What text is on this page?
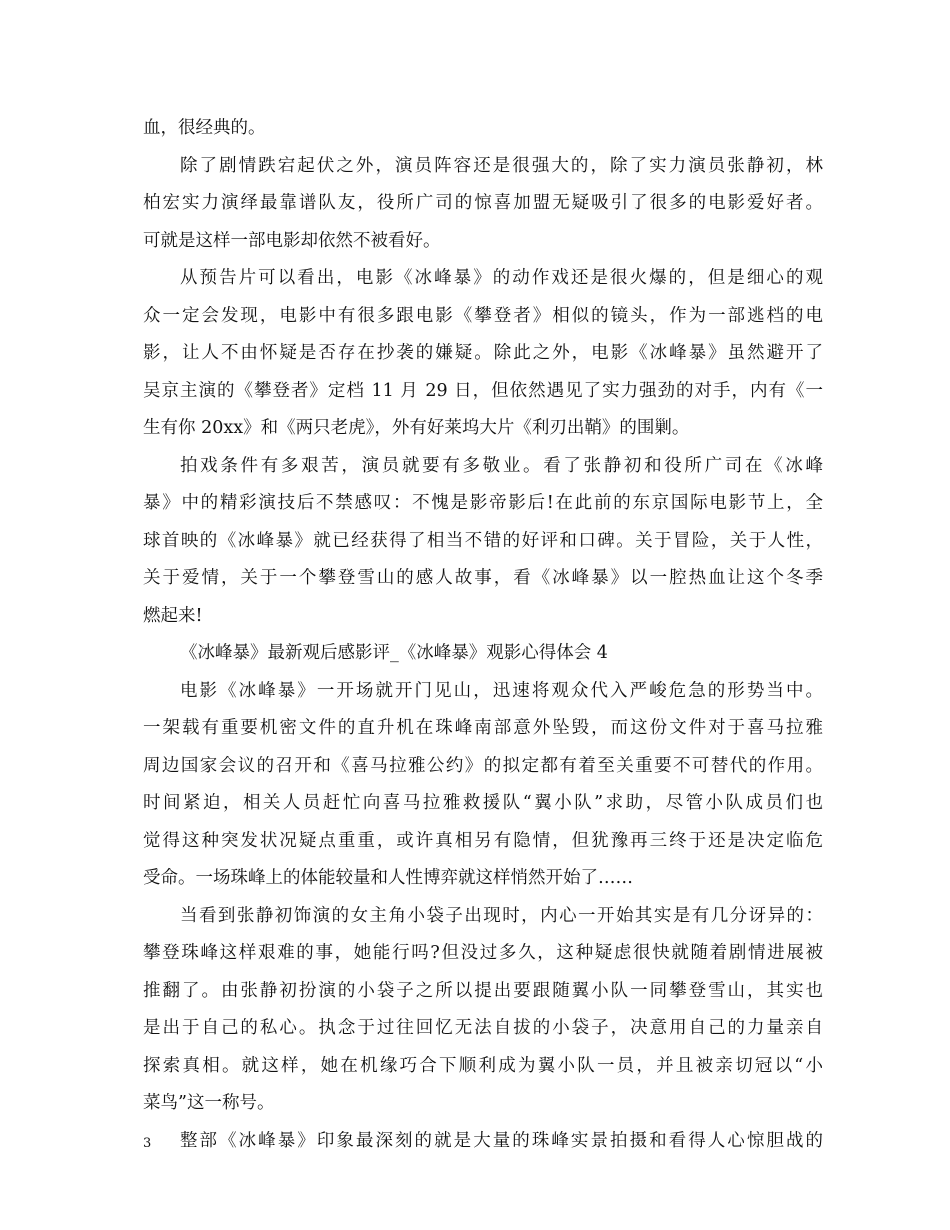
血，很经典的。
除了剧情跌宕起伏之外，演员阵容还是很强大的，除了实力演员张静初，林
柏宏实力演绎最靠谱队友，役所广司的惊喜加盟无疑吸引了很多的电影爱好者。
可就是这样一部电影却依然不被看好。
从预告片可以看出，电影《冰峰暴》的动作戏还是很火爆的，但是细心的观
众一定会发现，电影中有很多跟电影《攀登者》相似的镜头，作为一部逃档的电
影，让人不由怀疑是否存在抄袭的嫌疑。除此之外，电影《冰峰暴》虽然避开了
吴京主演的《攀登者》定档 11 月 29 日，但依然遇见了实力强劲的对手，内有《一
生有你 20xx》和《两只老虎》，外有好莱坞大片《利刃出鞘》的围剿。
拍戏条件有多艰苦，演员就要有多敬业。看了张静初和役所广司在《冰峰
暴》中的精彩演技后不禁感叹：不愧是影帝影后!在此前的东京国际电影节上，全
球首映的《冰峰暴》就已经获得了相当不错的好评和口碑。关于冒险，关于人性，
关于爱情，关于一个攀登雪山的感人故事，看《冰峰暴》以一腔热血让这个冬季
燃起来!
《冰峰暴》最新观后感影评_《冰峰暴》观影心得体会 4
电影《冰峰暴》一开场就开门见山，迅速将观众代入严峻危急的形势当中。
一架载有重要机密文件的直升机在珠峰南部意外坠毁，而这份文件对于喜马拉雅
周边国家会议的召开和《喜马拉雅公约》的拟定都有着至关重要不可替代的作用。
时间紧迫，相关人员赶忙向喜马拉雅救援队“翼小队”求助，尽管小队成员们也
觉得这种突发状况疑点重重，或许真相另有隐情，但犹豫再三终于还是决定临危
受命。一场珠峰上的体能较量和人性博弈就这样悄然开始了……
当看到张静初饰演的女主角小袋子出现时，内心一开始其实是有几分讶异的：
攀登珠峰这样艰难的事，她能行吗?但没过多久，这种疑虑很快就随着剧情进展被
推翻了。由张静初扮演的小袋子之所以提出要跟随翼小队一同攀登雪山，其实也
是出于自己的私心。执念于过往回忆无法自拔的小袋子，决意用自己的力量亲自
探索真相。就这样，她在机缘巧合下顺利成为翼小队一员，并且被亲切冠以“小
菜鸟”这一称号。
整部《冰峰暴》印象最深刻的就是大量的珠峰实景拍摄和看得人心惊胆战的
3
